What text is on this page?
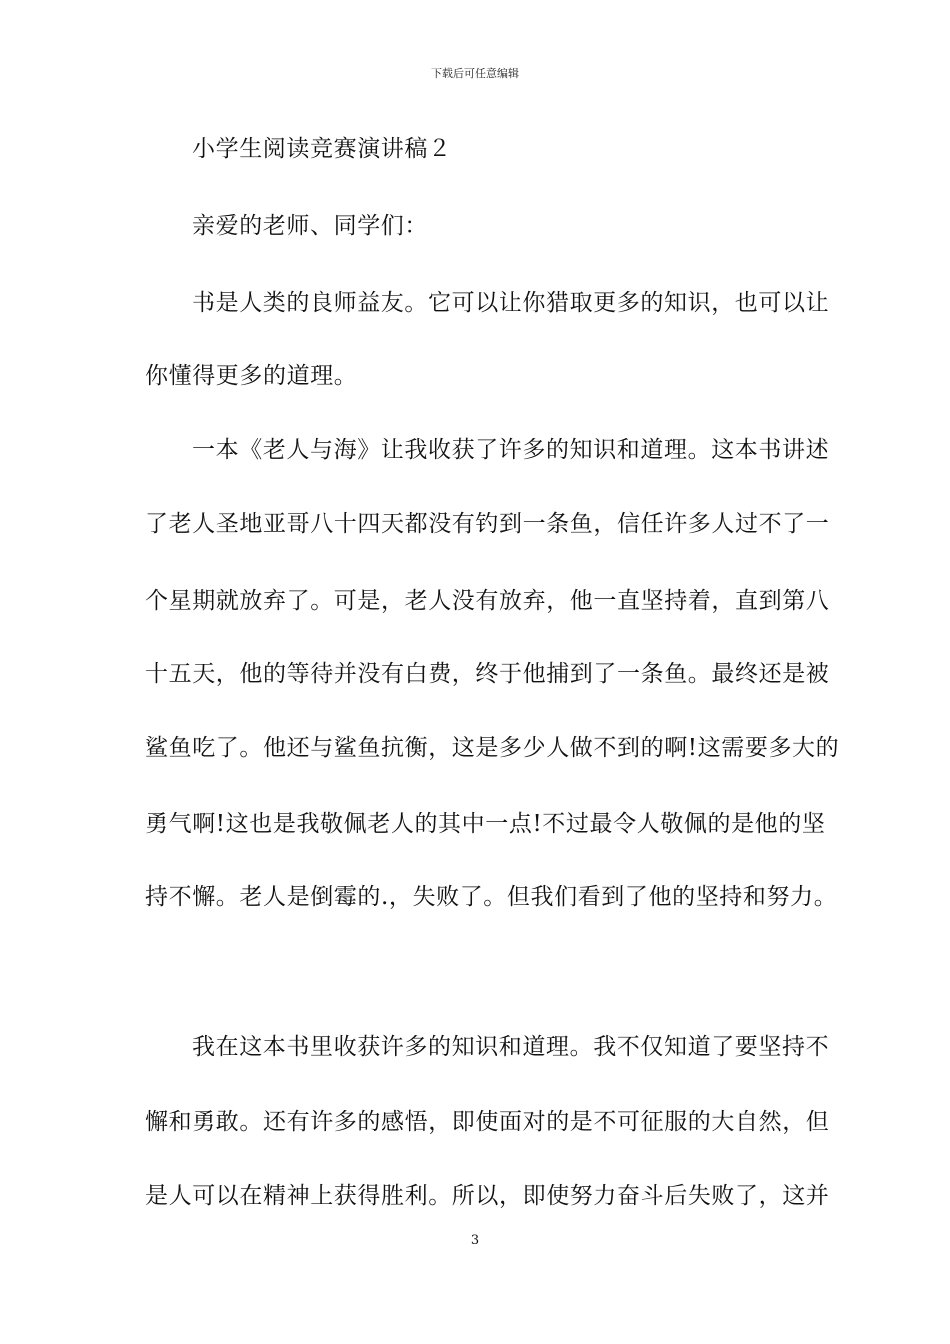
下载后可任意编辑
小学生阅读竞赛演讲稿２
亲爱的老师、同学们：
书是人类的良师益友。它可以让你猎取更多的知识，也可以让
你懂得更多的道理。
一本《老人与海》让我收获了许多的知识和道理。这本书讲述
了老人圣地亚哥八十四天都没有钓到一条鱼，信任许多人过不了一
个星期就放弃了。可是，老人没有放弃，他一直坚持着，直到第八
十五天，他的等待并没有白费，终于他捕到了一条鱼。最终还是被
鲨鱼吃了。他还与鲨鱼抗衡，这是多少人做不到的啊!这需要多大的
勇气啊!这也是我敬佩老人的其中一点!不过最令人敬佩的是他的坚
持不懈。老人是倒霉的.，失败了。但我们看到了他的坚持和努力。
我在这本书里收获许多的知识和道理。我不仅知道了要坚持不
懈和勇敢。还有许多的感悟，即使面对的是不可征服的大自然，但
是人可以在精神上获得胜利。所以，即使努力奋斗后失败了，这并
3
